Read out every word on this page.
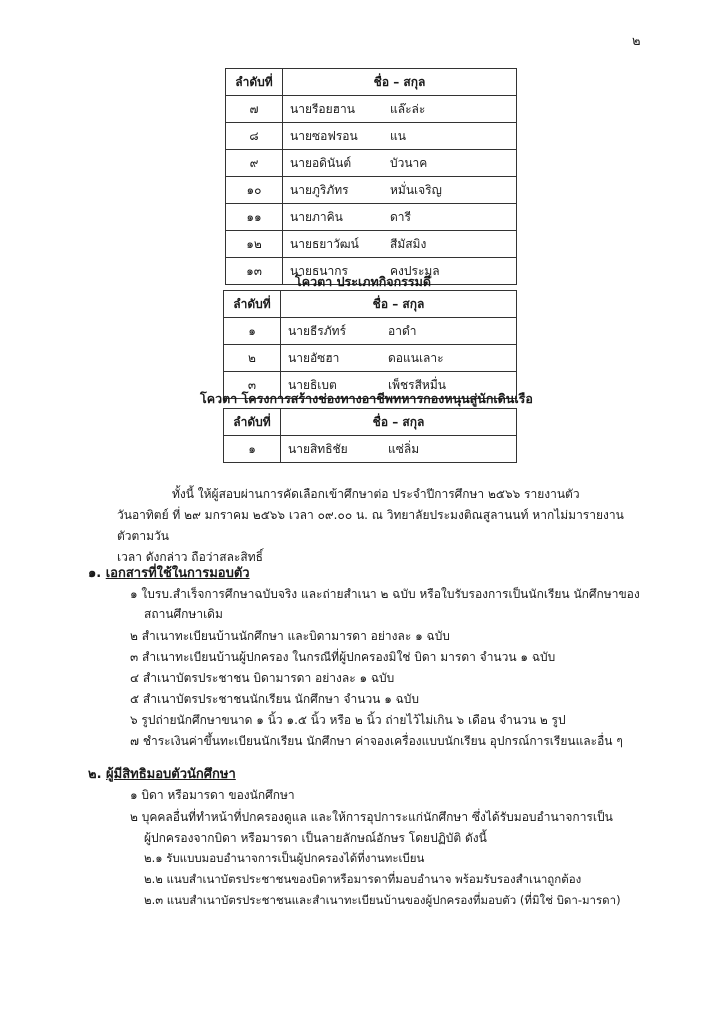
๒
ลำดับที่	ชื่อ – สกุล
๗	นายรีอยฮาน แล๊ะล่ะ
๘	นายซอฟรอน แน
๙	นายอดินันต์ บัวนาค
๑๐	นายภูริภัทร หมั่นเจริญ
๑๑	นายภาคิน ดารี
๑๒	นายธยาวัฒน์ สีมัสมิง
๑๓	นายธนากร คงประมูล
โควตา ประเภทกิจกรรมดี
ลำดับที่	ชื่อ – สกุล
๑	นายธีรภัทร์ อาดำ
๒	นายอัซฮา ดอแนเลาะ
๓	นายธิเบต เพ็ชรสีหมื่น
โควตา โครงการสร้างช่องทางอาชีพทหารกองหนุนสู่นักเดินเรือ
ลำดับที่	ชื่อ – สกุล
๑	นายสิทธิชัย แซ่ลิ่ม
ทั้งนี้ ให้ผู้สอบผ่านการคัดเลือกเข้าศึกษาต่อ ประจำปีการศึกษา ๒๕๖๖ รายงานตัว
วันอาทิตย์ ที่ ๒๙ มกราคม ๒๕๖๖ เวลา ๐๙.๐๐ น. ณ วิทยาลัยประมงติณสูลานนท์ หากไม่มารายงานตัวตามวัน
เวลา ดังกล่าว ถือว่าสละสิทธิ์
๑. เอกสารที่ใช้ในการมอบตัว
๑ ใบรบ.สำเร็จการศึกษาฉบับจริง และถ่ายสำเนา ๒ ฉบับ หรือใบรับรองการเป็นนักเรียน นักศึกษาของ
สถานศึกษาเดิม
๒ สำเนาทะเบียนบ้านนักศึกษา และบิดามารดา อย่างละ ๑ ฉบับ
๓ สำเนาทะเบียนบ้านผู้ปกครอง ในกรณีที่ผู้ปกครองมิใช่ บิดา มารดา จำนวน ๑ ฉบับ
๔ สำเนาบัตรประชาชน บิดามารดา อย่างละ ๑ ฉบับ
๕ สำเนาบัตรประชาชนนักเรียน นักศึกษา จำนวน ๑ ฉบับ
๖ รูปถ่ายนักศึกษาขนาด ๑ นิ้ว ๑.๕ นิ้ว หรือ ๒ นิ้ว ถ่ายไว้ไม่เกิน ๖ เดือน จำนวน ๒ รูป
๗ ชำระเงินค่าขึ้นทะเบียนนักเรียน นักศึกษา ค่าจองเครื่องแบบนักเรียน อุปกรณ์การเรียนและอื่น ๆ
๒. ผู้มีสิทธิมอบตัวนักศึกษา
๑ บิดา หรือมารดา ของนักศึกษา
๒ บุคคลอื่นที่ทำหน้าที่ปกครองดูแล และให้การอุปการะแก่นักศึกษา ซึ่งได้รับมอบอำนาจการเป็น
ผู้ปกครองจากบิดา หรือมารดา เป็นลายลักษณ์อักษร โดยปฏิบัติ ดังนี้
๒.๑ รับแบบมอบอำนาจการเป็นผู้ปกครองได้ที่งานทะเบียน
๒.๒ แนบสำเนาบัตรประชาชนของบิดาหรือมารดาที่มอบอำนาจ พร้อมรับรองสำเนาถูกต้อง
๒.๓ แนบสำเนาบัตรประชาชนและสำเนาทะเบียนบ้านของผู้ปกครองที่มอบตัว (ที่มิใช่ บิดา-มารดา)
